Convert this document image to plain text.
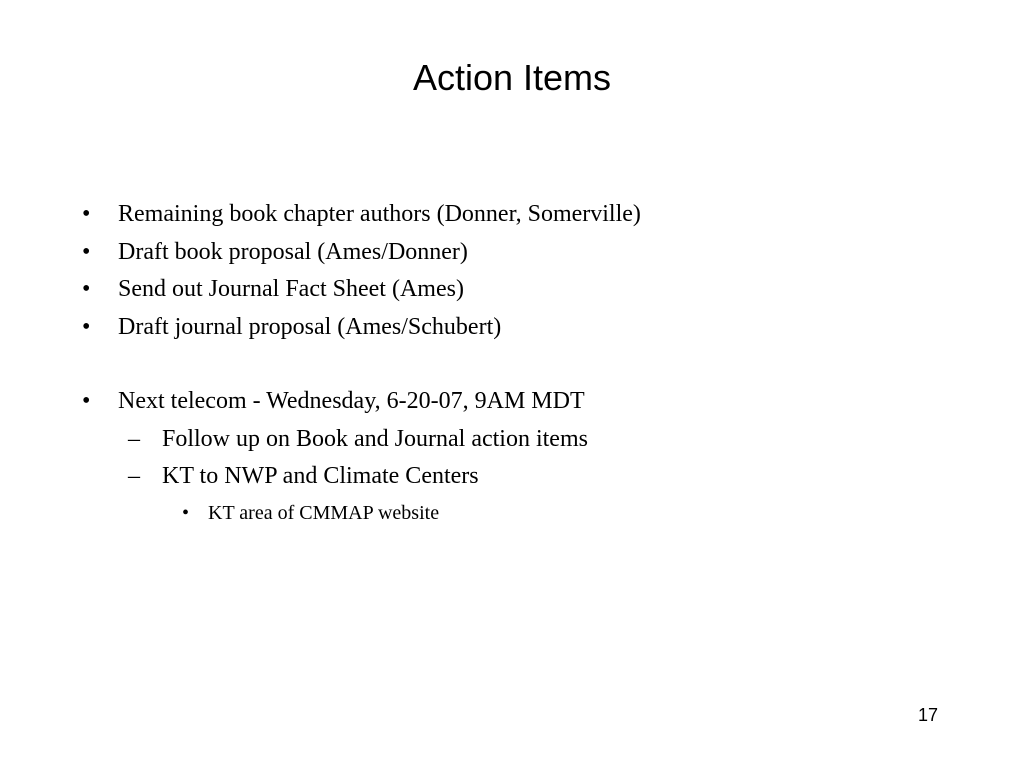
Action Items
• Remaining book chapter authors (Donner, Somerville)
• Draft book proposal (Ames/Donner)
• Send out Journal Fact Sheet (Ames)
• Draft journal proposal (Ames/Schubert)
• Next telecom - Wednesday, 6-20-07, 9AM MDT
– Follow up on Book and Journal action items
– KT to NWP and Climate Centers
• KT area of CMMAP website
17
